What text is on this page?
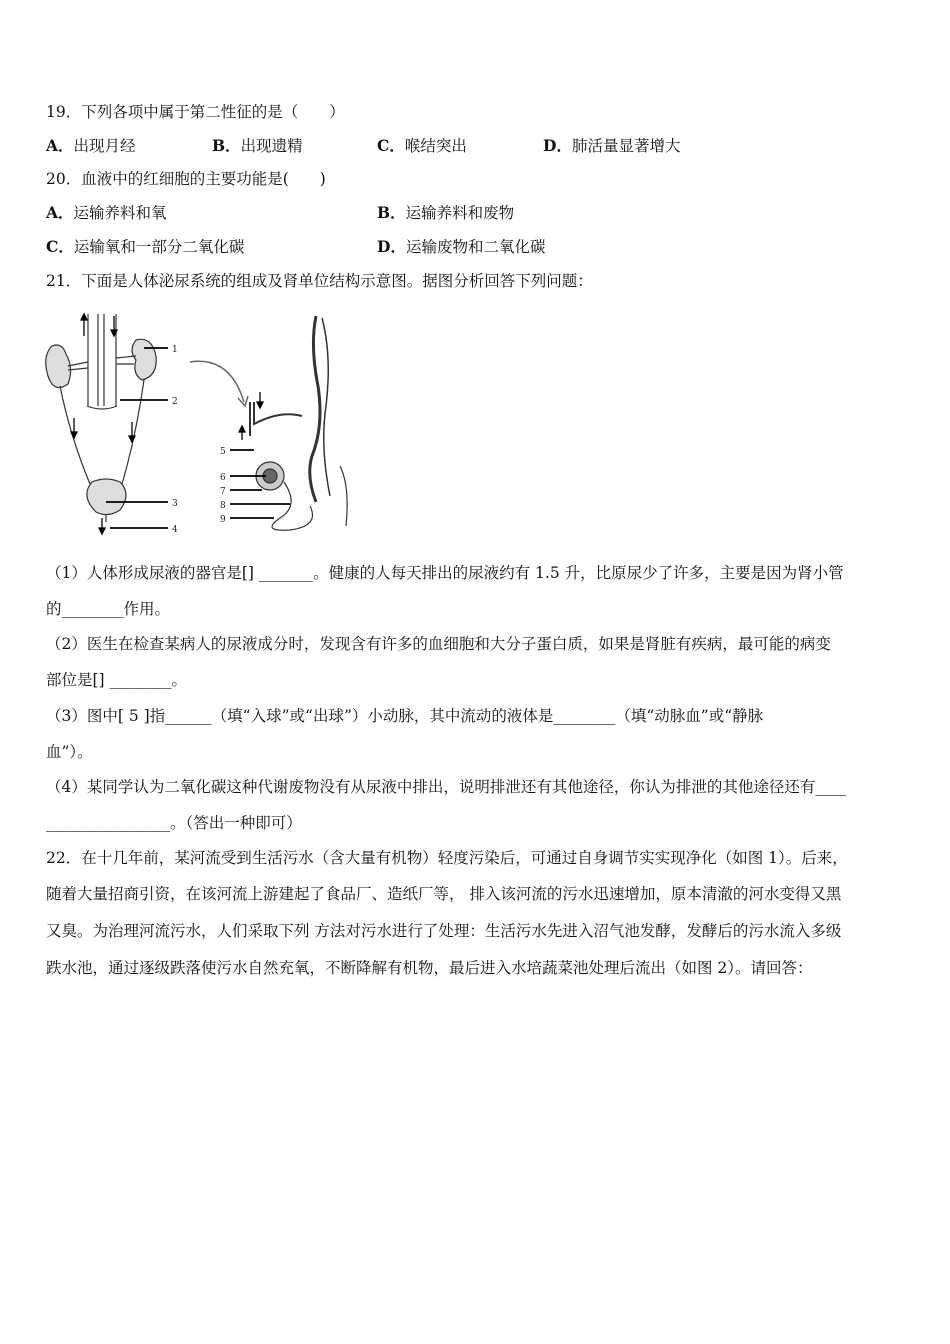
19．下列各项中属于第二性征的是（　　）
A．出现月经	B．出现遗精	C．喉结突出	D．肺活量显著增大
20．血液中的红细胞的主要功能是(　　)
A．运输养料和氧	B．运输养料和废物
C．运输氧和一部分二氧化碳	D．运输废物和二氧化碳
21．下面是人体泌尿系统的组成及肾单位结构示意图。据图分析回答下列问题：
1
2
3
4
5
6
7
8
9
（1）人体形成尿液的器官是[] _______。健康的人每天排出的尿液约有 1.5 升，比原尿少了许多，主要是因为肾小管
的________作用。
（2）医生在检查某病人的尿液成分时，发现含有许多的血细胞和大分子蛋白质，如果是肾脏有疾病，最可能的病变
部位是[] ________。
（3）图中[ 5 ]指______（填“入球”或“出球”）小动脉，其中流动的液体是________（填“动脉血”或“静脉
血”）。
（4）某同学认为二氧化碳这种代谢废物没有从尿液中排出，说明排泄还有其他途径，你认为排泄的其他途径还有____
________________。（答出一种即可）
22．在十几年前，某河流受到生活污水（含大量有机物）轻度污染后，可通过自身调节实实现净化（如图 1）。后来，
随着大量招商引资，在该河流上游建起了食品厂、造纸厂等， 排入该河流的污水迅速增加，原本清澈的河水变得又黑
又臭。为治理河流污水，人们采取下列 方法对污水进行了处理：生活污水先进入沼气池发酵，发酵后的污水流入多级
跌水池，通过逐级跌落使污水自然充氧，不断降解有机物，最后进入水培蔬菜池处理后流出（如图 2）。请回答：
